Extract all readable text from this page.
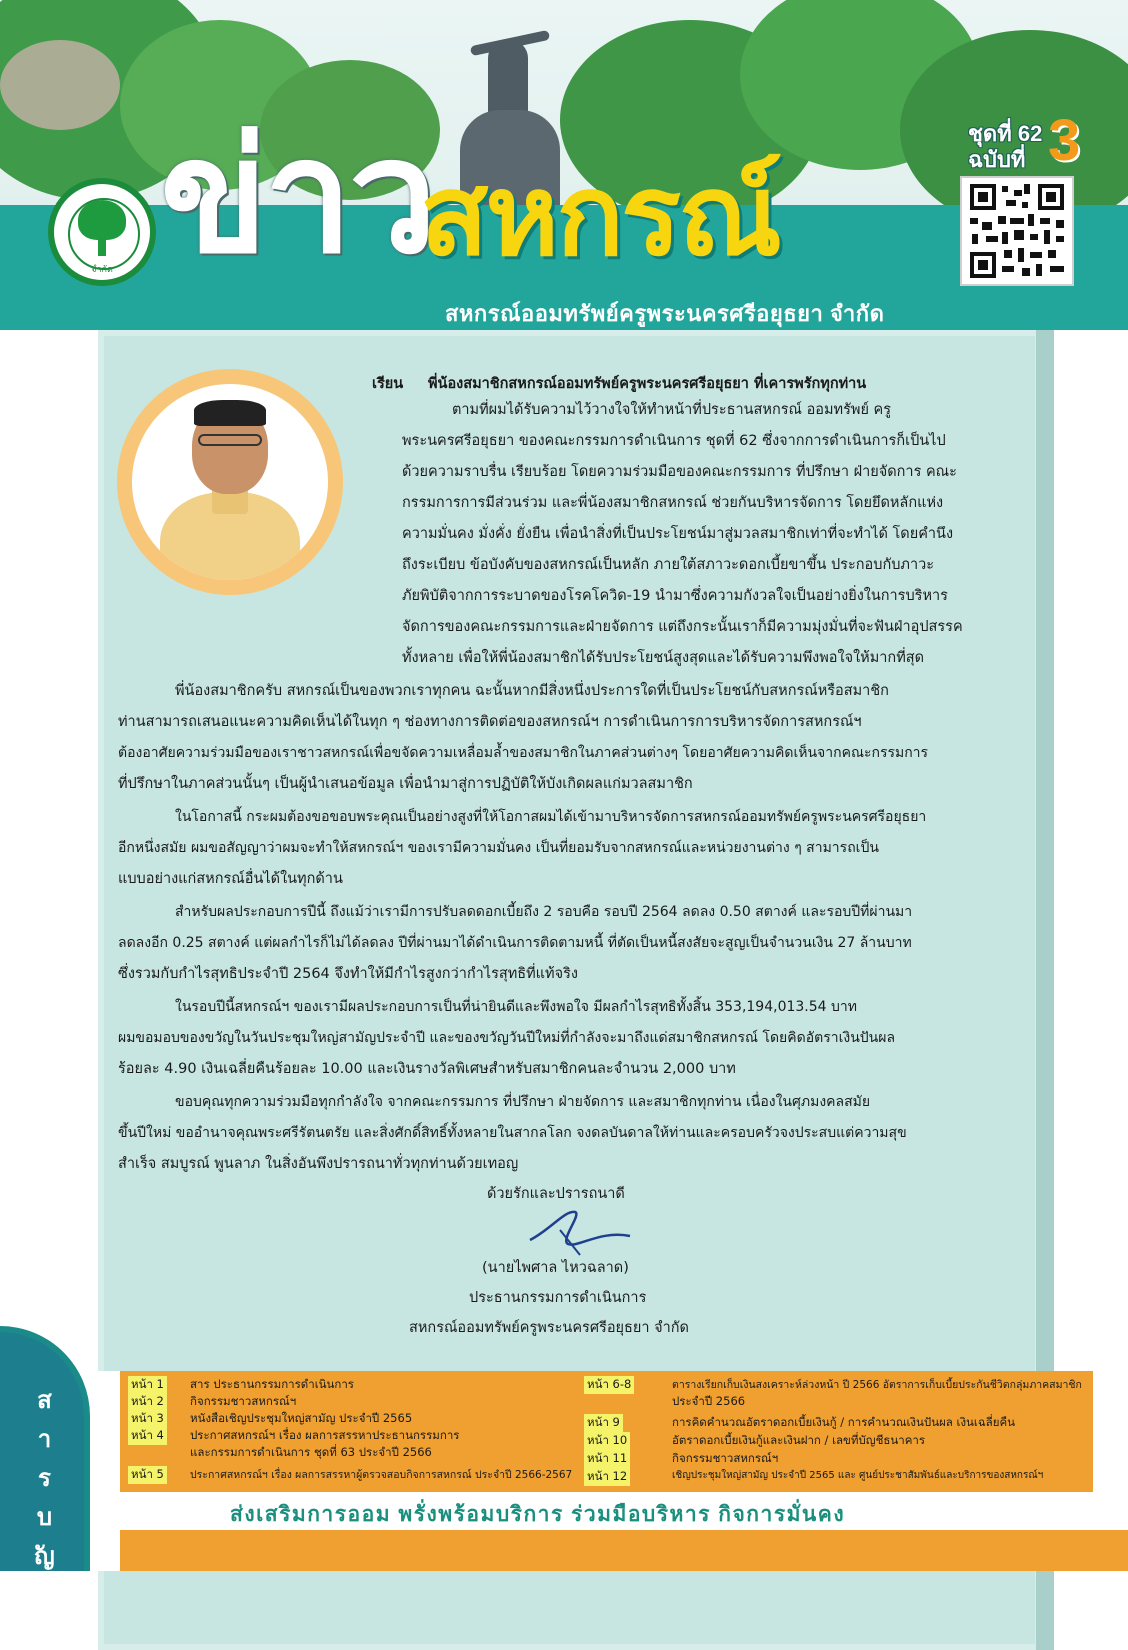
จำกัด ข่าว
สหกรณ์
สหกรณ์ออมทรัพย์ครูพระนครศรีอยุธยา จำกัด
ชุดที่ 62
ฉบับที่ 3
เรียน พี่น้องสมาชิกสหกรณ์ออมทรัพย์ครูพระนครศรีอยุธยา ที่เคารพรักทุกท่าน
ตามที่ผมได้รับความไว้วางใจให้ทำหน้าที่ประธานสหกรณ์ ออมทรัพย์ ครู
พระนครศรีอยุธยา ของคณะกรรมการดำเนินการ ชุดที่ 62 ซึ่งจากการดำเนินการก็เป็นไป
ด้วยความราบรื่น เรียบร้อย โดยความร่วมมือของคณะกรรมการ ที่ปรึกษา ฝ่ายจัดการ คณะ
กรรมการการมีส่วนร่วม และพี่น้องสมาชิกสหกรณ์ ช่วยกันบริหารจัดการ โดยยึดหลักแห่ง
ความมั่นคง มั่งคั่ง ยั่งยืน เพื่อนำสิ่งที่เป็นประโยชน์มาสู่มวลสมาชิกเท่าที่จะทำได้ โดยคำนึง
ถึงระเบียบ ข้อบังคับของสหกรณ์เป็นหลัก ภายใต้สภาวะดอกเบี้ยขาขึ้น ประกอบกับภาวะ
ภัยพิบัติจากการระบาดของโรคโควิด-19 นำมาซึ่งความกังวลใจเป็นอย่างยิ่งในการบริหาร
จัดการของคณะกรรมการและฝ่ายจัดการ แต่ถึงกระนั้นเราก็มีความมุ่งมั่นที่จะฟันฝ่าอุปสรรค
ทั้งหลาย เพื่อให้พี่น้องสมาชิกได้รับประโยชน์สูงสุดและได้รับความพึงพอใจให้มากที่สุด
พี่น้องสมาชิกครับ สหกรณ์เป็นของพวกเราทุกคน ฉะนั้นหากมีสิ่งหนึ่งประการใดที่เป็นประโยชน์กับสหกรณ์หรือสมาชิก
ท่านสามารถเสนอแนะความคิดเห็นได้ในทุก ๆ ช่องทางการติดต่อของสหกรณ์ฯ การดำเนินการการบริหารจัดการสหกรณ์ฯ
ต้องอาศัยความร่วมมือของเราชาวสหกรณ์เพื่อขจัดความเหลื่อมล้ำของสมาชิกในภาคส่วนต่างๆ โดยอาศัยความคิดเห็นจากคณะกรรมการ
ที่ปรึกษาในภาคส่วนนั้นๆ เป็นผู้นำเสนอข้อมูล เพื่อนำมาสู่การปฏิบัติให้บังเกิดผลแก่มวลสมาชิก
ในโอกาสนี้ กระผมต้องขอขอบพระคุณเป็นอย่างสูงที่ให้โอกาสผมได้เข้ามาบริหารจัดการสหกรณ์ออมทรัพย์ครูพระนครศรีอยุธยา
อีกหนึ่งสมัย ผมขอสัญญาว่าผมจะทำให้สหกรณ์ฯ ของเรามีความมั่นคง เป็นที่ยอมรับจากสหกรณ์และหน่วยงานต่าง ๆ สามารถเป็น
แบบอย่างแก่สหกรณ์อื่นได้ในทุกด้าน
สำหรับผลประกอบการปีนี้ ถึงแม้ว่าเรามีการปรับลดดอกเบี้ยถึง 2 รอบคือ รอบปี 2564 ลดลง 0.50 สตางค์ และรอบปีที่ผ่านมา
ลดลงอีก 0.25 สตางค์ แต่ผลกำไรก็ไม่ได้ลดลง ปีที่ผ่านมาได้ดำเนินการติดตามหนี้ ที่ตัดเป็นหนี้สงสัยจะสูญเป็นจำนวนเงิน 27 ล้านบาท
ซึ่งรวมกับกำไรสุทธิประจำปี 2564 จึงทำให้มีกำไรสูงกว่ากำไรสุทธิที่แท้จริง
ในรอบปีนี้สหกรณ์ฯ ของเรามีผลประกอบการเป็นที่น่ายินดีและพึงพอใจ มีผลกำไรสุทธิทั้งสิ้น 353,194,013.54 บาท
ผมขอมอบของขวัญในวันประชุมใหญ่สามัญประจำปี และของขวัญวันปีใหม่ที่กำลังจะมาถึงแด่สมาชิกสหกรณ์ โดยคิดอัตราเงินปันผล
ร้อยละ 4.90 เงินเฉลี่ยคืนร้อยละ 10.00 และเงินรางวัลพิเศษสำหรับสมาชิกคนละจำนวน 2,000 บาท
ขอบคุณทุกความร่วมมือทุกกำลังใจ จากคณะกรรมการ ที่ปรึกษา ฝ่ายจัดการ และสมาชิกทุกท่าน เนื่องในศุภมงคลสมัย
ขึ้นปีใหม่ ขออำนาจคุณพระศรีรัตนตรัย และสิ่งศักดิ์สิทธิ์ทั้งหลายในสากลโลก จงดลบันดาลให้ท่านและครอบครัวจงประสบแต่ความสุข
สำเร็จ สมบูรณ์ พูนลาภ ในสิ่งอันพึงปรารถนาทั่วทุกท่านด้วยเทอญ
ด้วยรักและปรารถนาดี
(นายไพศาล ไหวฉลาด)
ประธานกรรมการดำเนินการ
สหกรณ์ออมทรัพย์ครูพระนครศรีอยุธยา จำกัด
สารบัญ	หน้า 1 สาร ประธานกรรมการดำเนินการ
หน้า 2 กิจกรรมชาวสหกรณ์ฯ
หน้า 3 หนังสือเชิญประชุมใหญ่สามัญ ประจำปี 2565
หน้า 4 ประกาศสหกรณ์ฯ เรื่อง ผลการสรรหาประธานกรรมการ
และกรรมการดำเนินการ ชุดที่ 63 ประจำปี 2566
หน้า 5 ประกาศสหกรณ์ฯ เรื่อง ผลการสรรหาผู้ตรวจสอบกิจการสหกรณ์ ประจำปี 2566-2567
หน้า 6-8	ตารางเรียกเก็บเงินสงเคราะห์ล่วงหน้า ปี 2566 อัตราการเก็บเบี้ยประกันชีวิตกลุ่มภาคสมาชิก
ประจำปี 2566
หน้า 9	การคิดคำนวณอัตราดอกเบี้ยเงินกู้ / การคำนวณเงินปันผล เงินเฉลี่ยคืน
หน้า 10	อัตราดอกเบี้ยเงินกู้และเงินฝาก / เลขที่บัญชีธนาคาร
หน้า 11	กิจกรรมชาวสหกรณ์ฯ
หน้า 12	เชิญประชุมใหญ่สามัญ ประจำปี 2565 และ ศูนย์ประชาสัมพันธ์และบริการของสหกรณ์ฯ
ส่งเสริมการออม พรั่งพร้อมบริการ ร่วมมือบริหาร กิจการมั่นคง
